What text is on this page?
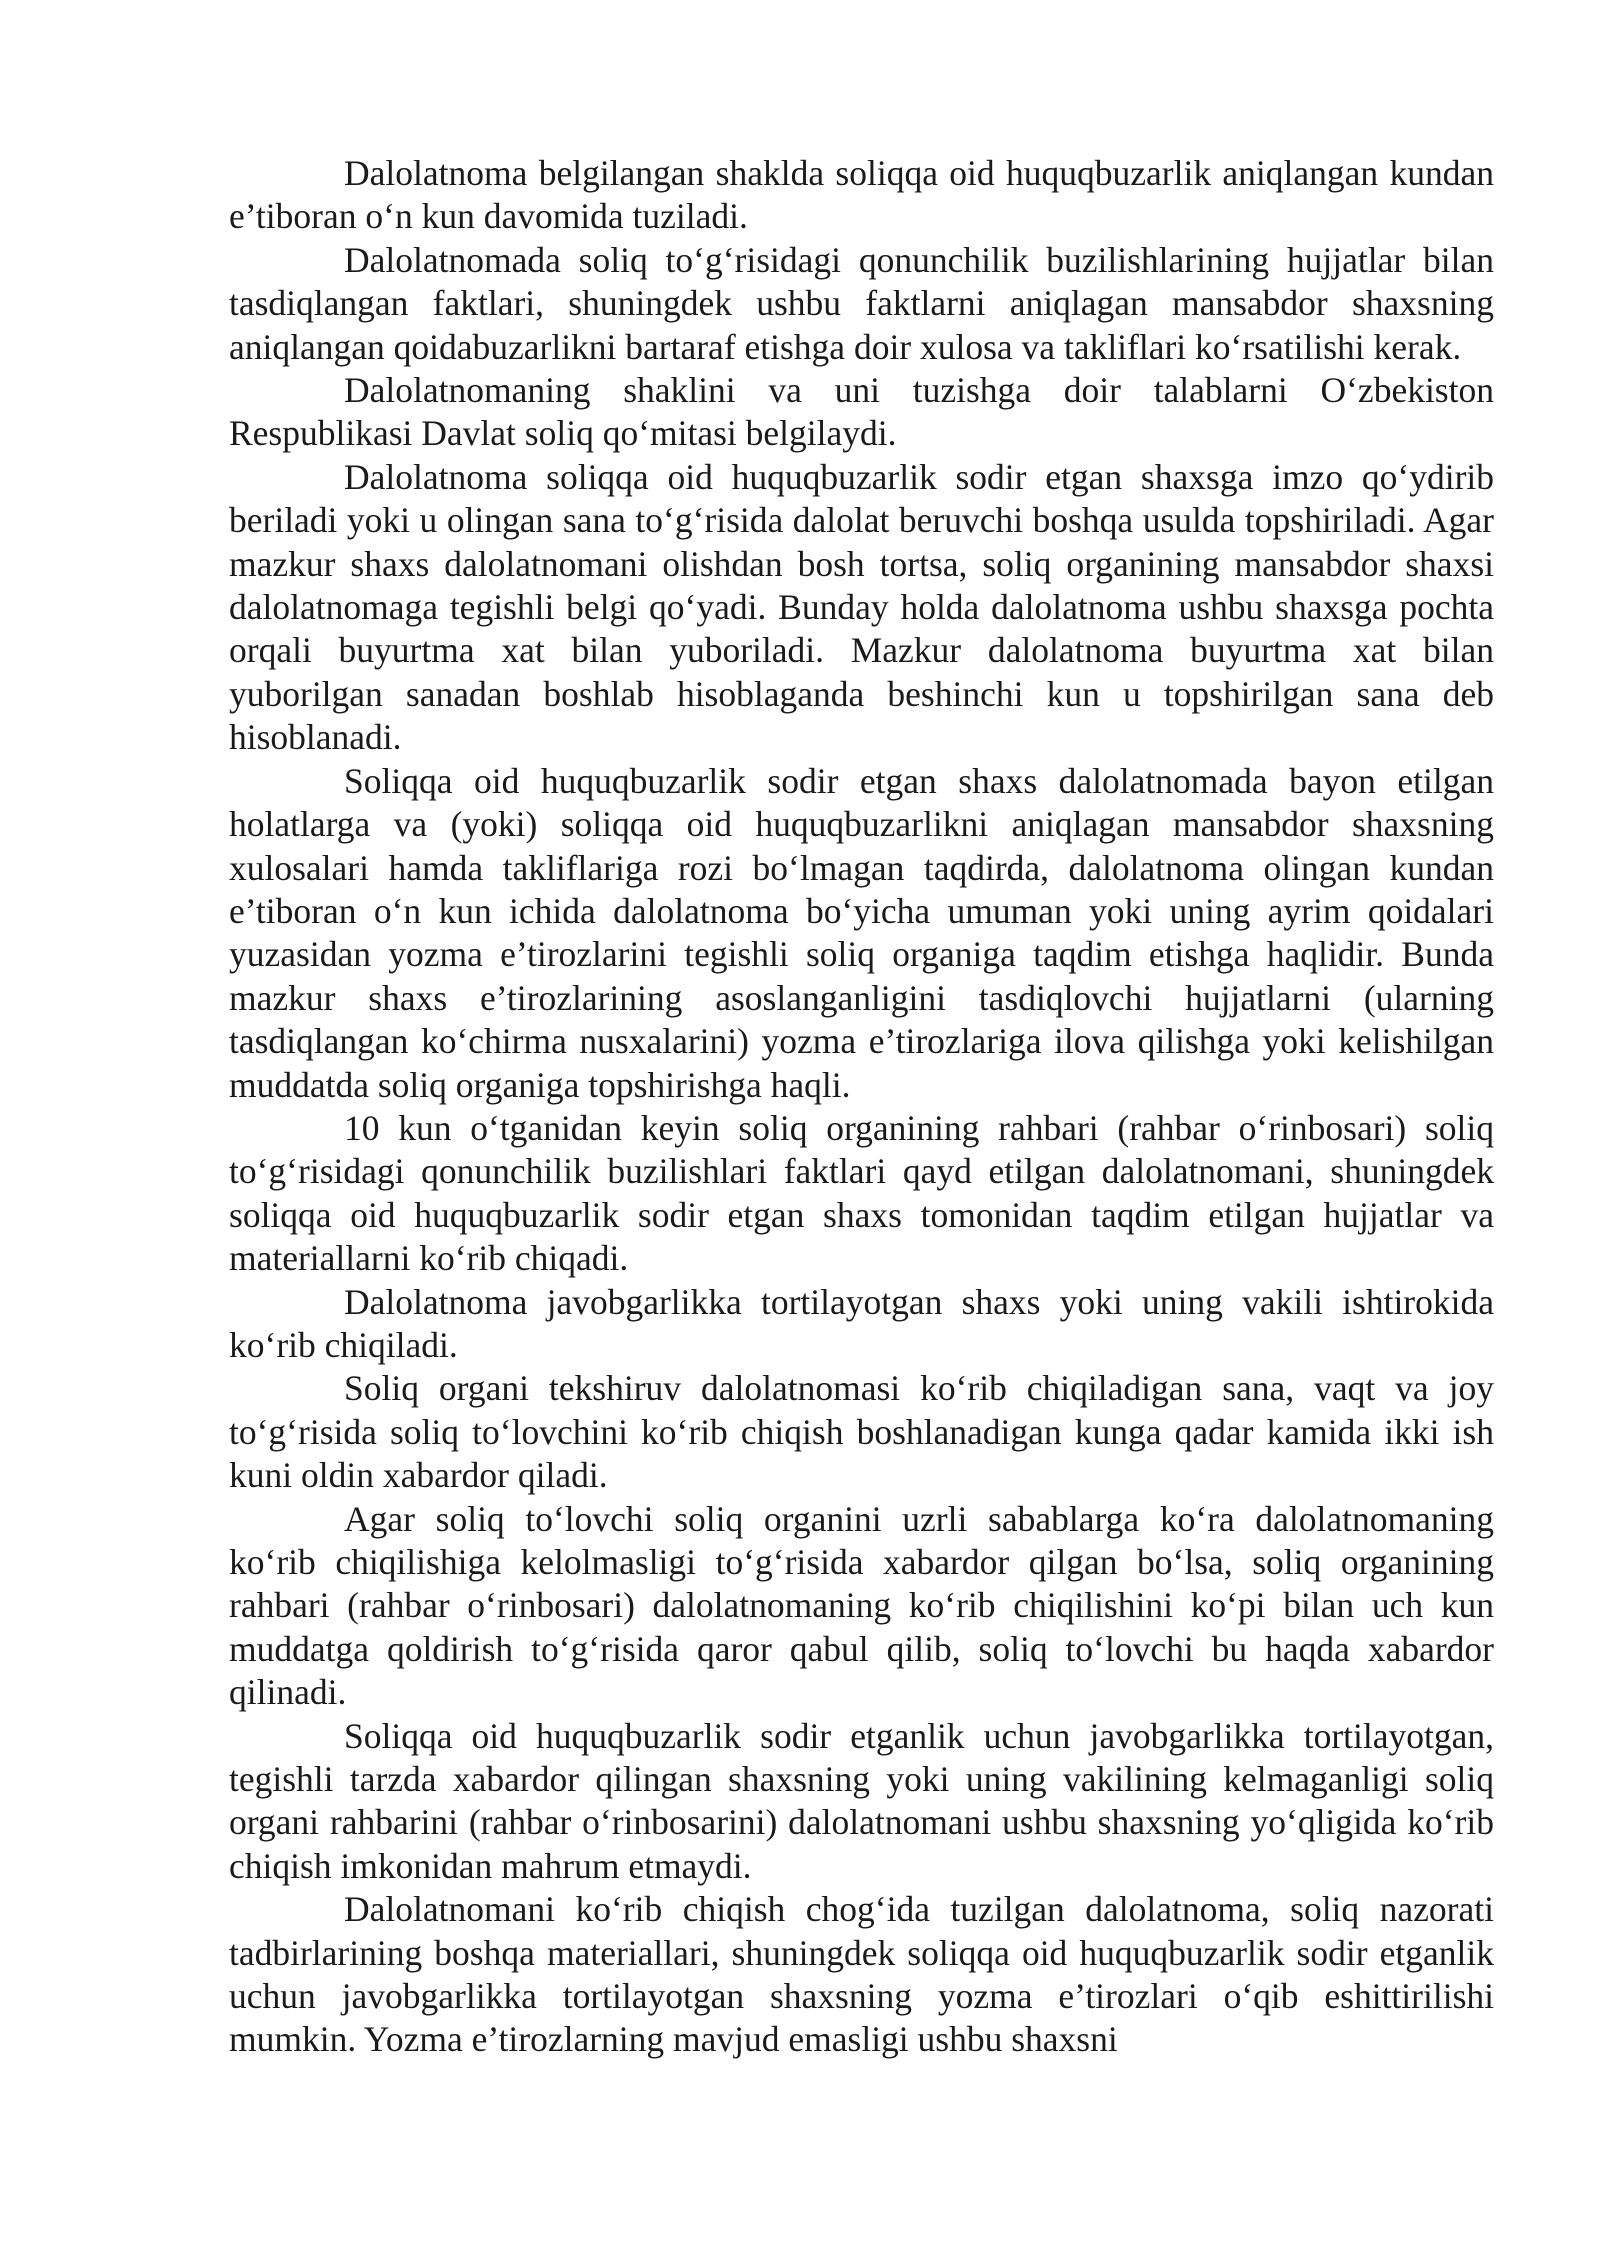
Dalolatnoma belgilangan shaklda soliqqa oid huquqbuzarlik aniqlangan kundan e’tiboran o‘n kun davomida tuziladi.

Dalolatnomada soliq to‘g‘risidagi qonunchilik buzilishlarining hujjatlar bilan tasdiqlangan faktlari, shuningdek ushbu faktlarni aniqlagan mansabdor shaxsning aniqlangan qoidabuzarlikni bartaraf etishga doir xulosa va takliflari ko‘rsatilishi kerak.

Dalolatnomaning shaklini va uni tuzishga doir talablarni O‘zbekiston Respublikasi Davlat soliq qo‘mitasi belgilaydi.

Dalolatnoma soliqqa oid huquqbuzarlik sodir etgan shaxsga imzo qo‘ydirib beriladi yoki u olingan sana to‘g‘risida dalolat beruvchi boshqa usulda topshiriladi. Agar mazkur shaxs dalolatnomani olishdan bosh tortsa, soliq organining mansabdor shaxsi dalolatnomaga tegishli belgi qo‘yadi. Bunday holda dalolatnoma ushbu shaxsga pochta orqali buyurtma xat bilan yuboriladi. Mazkur dalolatnoma buyurtma xat bilan yuborilgan sanadan boshlab hisoblaganda beshinchi kun u topshirilgan sana deb hisoblanadi.

Soliqqa oid huquqbuzarlik sodir etgan shaxs dalolatnomada bayon etilgan holatlarga va (yoki) soliqqa oid huquqbuzarlikni aniqlagan mansabdor shaxsning xulosalari hamda takliflariga rozi bo‘lmagan taqdirda, dalolatnoma olingan kundan e’tiboran o‘n kun ichida dalolatnoma bo‘yicha umuman yoki uning ayrim qoidalari yuzasidan yozma e’tirozlarini tegishli soliq organiga taqdim etishga haqlidir. Bunda mazkur shaxs e’tirozlarining asoslanganligini tasdiqlovchi hujjatlarni (ularning tasdiqlangan ko‘chirma nusxalarini) yozma e’tirozlariga ilova qilishga yoki kelishilgan muddatda soliq organiga topshirishga haqli.

10 kun o‘tganidan keyin soliq organining rahbari (rahbar o‘rinbosari) soliq to‘g‘risidagi qonunchilik buzilishlari faktlari qayd etilgan dalolatnomani, shuningdek soliqqa oid huquqbuzarlik sodir etgan shaxs tomonidan taqdim etilgan hujjatlar va materiallarni ko‘rib chiqadi.

Dalolatnoma javobgarlikka tortilayotgan shaxs yoki uning vakili ishtirokida ko‘rib chiqiladi.

Soliq organi tekshiruv dalolatnomasi ko‘rib chiqiladigan sana, vaqt va joy to‘g‘risida soliq to‘lovchini ko‘rib chiqish boshlanadigan kunga qadar kamida ikki ish kuni oldin xabardor qiladi.

Agar soliq to‘lovchi soliq organini uzrli sabablarga ko‘ra dalolatnomaning ko‘rib chiqilishiga kelolmasligi to‘g‘risida xabardor qilgan bo‘lsa, soliq organining rahbari (rahbar o‘rinbosari) dalolatnomaning ko‘rib chiqilishini ko‘pi bilan uch kun muddatga qoldirish to‘g‘risida qaror qabul qilib, soliq to‘lovchi bu haqda xabardor qilinadi.

Soliqqa oid huquqbuzarlik sodir etganlik uchun javobgarlikka tortilayotgan, tegishli tarzda xabardor qilingan shaxsning yoki uning vakilining kelmaganligi soliq organi rahbarini (rahbar o‘rinbosarini) dalolatnomani ushbu shaxsning yo‘qligida ko‘rib chiqish imkonidan mahrum etmaydi.

Dalolatnomani ko‘rib chiqish chog‘ida tuzilgan dalolatnoma, soliq nazorati tadbirlarining boshqa materiallari, shuningdek soliqqa oid huquqbuzarlik sodir etganlik uchun javobgarlikka tortilayotgan shaxsning yozma e’tirozlari o‘qib eshittirilishi mumkin. Yozma e’tirozlarning mavjud emasligi ushbu shaxsni
